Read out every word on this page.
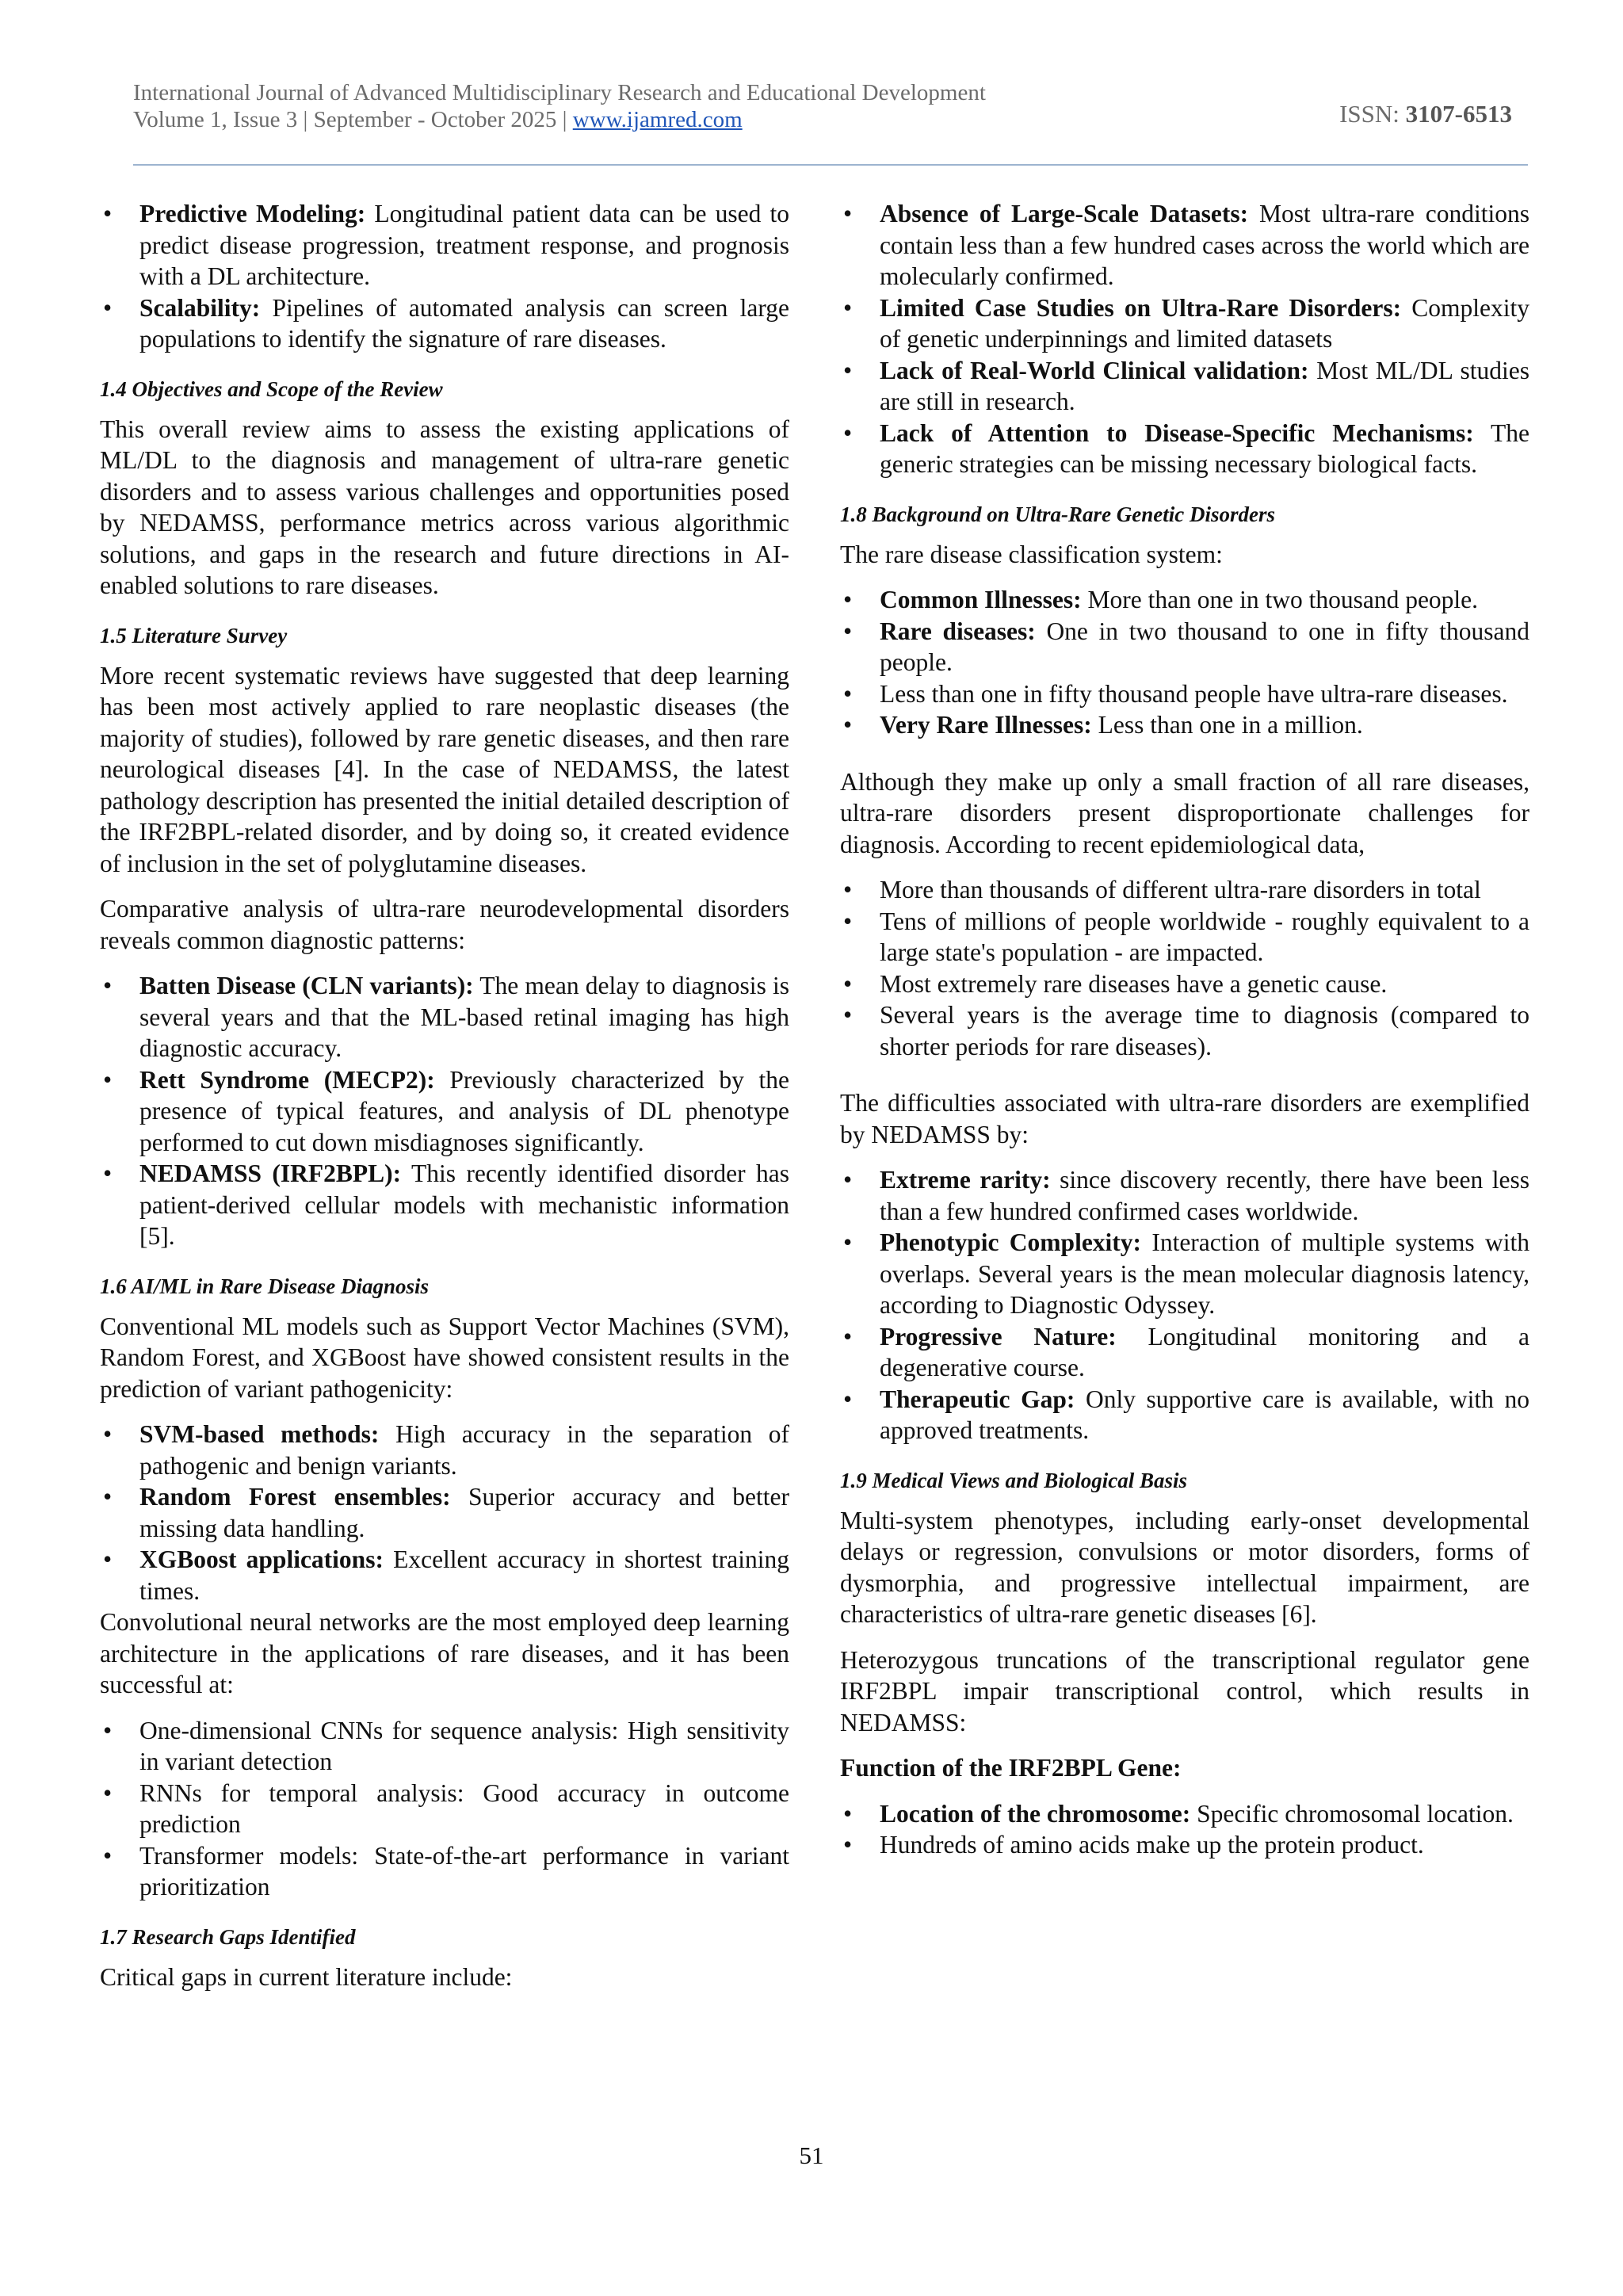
International Journal of Advanced Multidisciplinary Research and Educational Development
Volume 1, Issue 3 | September - October 2025 | www.ijamred.com	ISSN: 3107-6513
• Predictive Modeling: Longitudinal patient data can be used to predict disease progression, treatment response, and prognosis with a DL architecture.
• Scalability: Pipelines of automated analysis can screen large populations to identify the signature of rare diseases.
1.4 Objectives and Scope of the Review

This overall review aims to assess the existing applications of ML/DL to the diagnosis and management of ultra-rare genetic disorders and to assess various challenges and opportunities posed by NEDAMSS, performance metrics across various algorithmic solutions, and gaps in the research and future directions in AI-enabled solutions to rare diseases.

1.5 Literature Survey

More recent systematic reviews have suggested that deep learning has been most actively applied to rare neoplastic diseases (the majority of studies), followed by rare genetic diseases, and then rare neurological diseases [4]. In the case of NEDAMSS, the latest pathology description has presented the initial detailed description of the IRF2BPL-related disorder, and by doing so, it created evidence of inclusion in the set of polyglutamine diseases.

Comparative analysis of ultra-rare neurodevelopmental disorders reveals common diagnostic patterns:

• Batten Disease (CLN variants): The mean delay to diagnosis is several years and that the ML-based retinal imaging has high diagnostic accuracy.
• Rett Syndrome (MECP2): Previously characterized by the presence of typical features, and analysis of DL phenotype performed to cut down misdiagnoses significantly.
• NEDAMSS (IRF2BPL): This recently identified disorder has patient-derived cellular models with mechanistic information [5].
1.6 AI/ML in Rare Disease Diagnosis

Conventional ML models such as Support Vector Machines (SVM), Random Forest, and XGBoost have showed consistent results in the prediction of variant pathogenicity:

• SVM-based methods: High accuracy in the separation of pathogenic and benign variants.
• Random Forest ensembles: Superior accuracy and better missing data handling.
• XGBoost applications: Excellent accuracy in shortest training times.

Convolutional neural networks are the most employed deep learning architecture in the applications of rare diseases, and it has been successful at:

• One-dimensional CNNs for sequence analysis: High sensitivity in variant detection
• RNNs for temporal analysis: Good accuracy in outcome prediction
• Transformer models: State-of-the-art performance in variant prioritization
1.7 Research Gaps Identified

Critical gaps in current literature include:

• Absence of Large-Scale Datasets: Most ultra-rare conditions contain less than a few hundred cases across the world which are molecularly confirmed.
• Limited Case Studies on Ultra-Rare Disorders: Complexity of genetic underpinnings and limited datasets
• Lack of Real-World Clinical validation: Most ML/DL studies are still in research.
• Lack of Attention to Disease-Specific Mechanisms: The generic strategies can be missing necessary biological facts.
1.8 Background on Ultra-Rare Genetic Disorders

The rare disease classification system:

• Common Illnesses: More than one in two thousand people.
• Rare diseases: One in two thousand to one in fifty thousand people.
• Less than one in fifty thousand people have ultra-rare diseases.
• Very Rare Illnesses: Less than one in a million.

Although they make up only a small fraction of all rare diseases, ultra-rare disorders present disproportionate challenges for diagnosis. According to recent epidemiological data,

• More than thousands of different ultra-rare disorders in total
• Tens of millions of people worldwide - roughly equivalent to a large state's population - are impacted.
• Most extremely rare diseases have a genetic cause.
• Several years is the average time to diagnosis (compared to shorter periods for rare diseases).

The difficulties associated with ultra-rare disorders are exemplified by NEDAMSS by:

• Extreme rarity: since discovery recently, there have been less than a few hundred confirmed cases worldwide.
• Phenotypic Complexity: Interaction of multiple systems with overlaps. Several years is the mean molecular diagnosis latency, according to Diagnostic Odyssey.
• Progressive Nature: Longitudinal monitoring and a degenerative course.
• Therapeutic Gap: Only supportive care is available, with no approved treatments.
1.9 Medical Views and Biological Basis

Multi-system phenotypes, including early-onset developmental delays or regression, convulsions or motor disorders, forms of dysmorphia, and progressive intellectual impairment, are characteristics of ultra-rare genetic diseases [6].

Heterozygous truncations of the transcriptional regulator gene IRF2BPL impair transcriptional control, which results in NEDAMSS:

Function of the IRF2BPL Gene:
• Location of the chromosome: Specific chromosomal location.
• Hundreds of amino acids make up the protein product.
51
